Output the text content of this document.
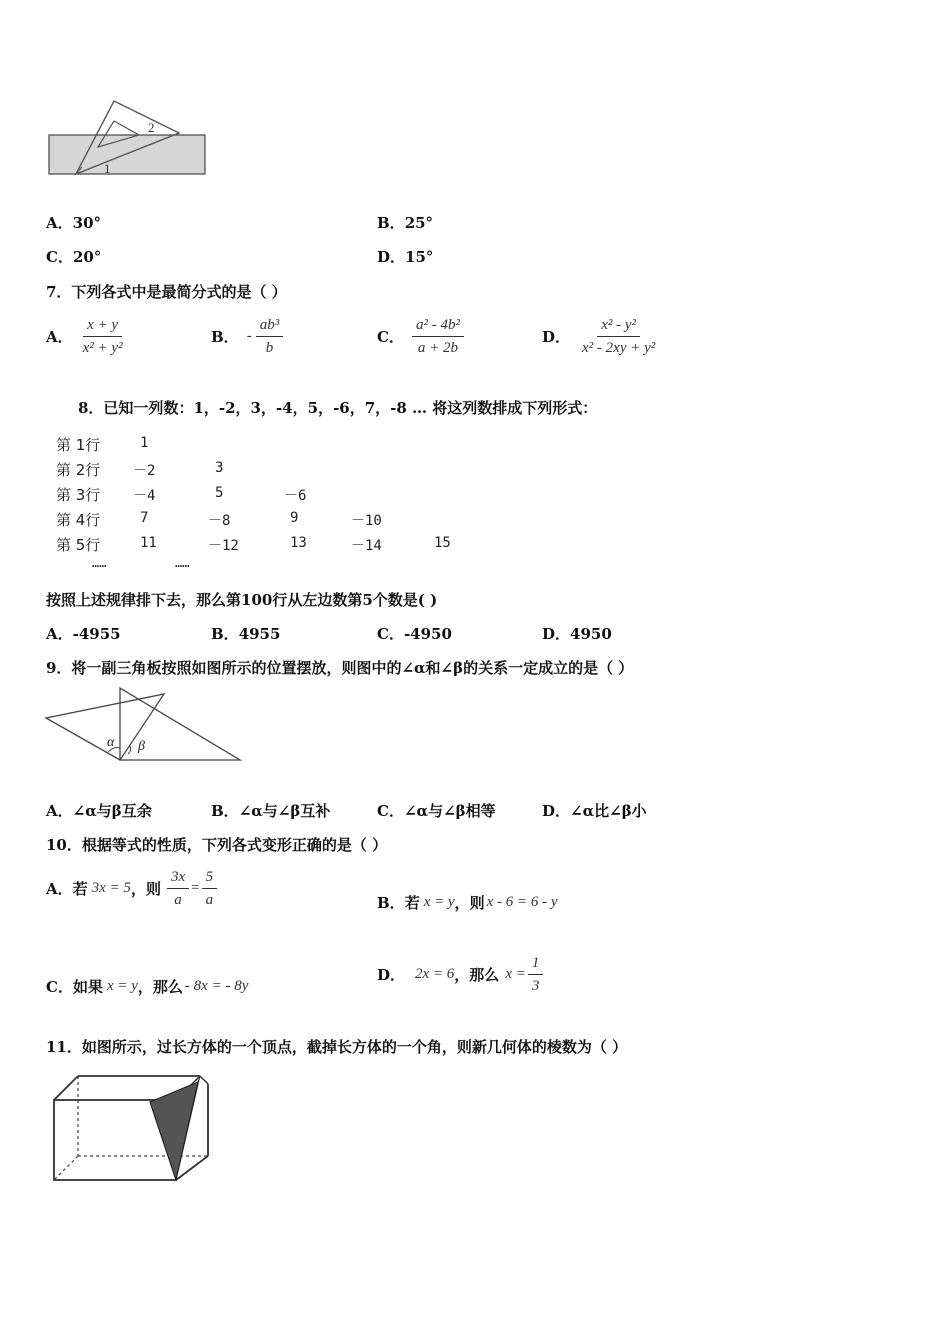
2
1
A．30°	B．25°
C．20°	D．15°
7．下列各式中是最简分式的是（ ）
A． $\frac{x + y}{\text{x² + y²}}$	B． - $\frac{\text{ab³}}{b}$	C． $\frac{\text{a² - 4b²}}{a + 2b}$	D． $\frac{\text{x² - y²}}{\text{x² - 2xy + y²}}$
8．已知一列数：1，-2，3，-4，5，-6，7，-8 … 将这列数排成下列形式：
第 1行	1
第 2行 －2	3
第 3行 －4	5	－6
第 4行	7	－8	9	－10
第 5行	11	－12	13	－14	15
……	……
按照上述规律排下去，那么第100行从左边数第5个数是( )
A．-4955	B．4955	C．-4950	D．4950
9．将一副三角板按照如图所示的位置摆放，则图中的∠α和∠β的关系一定成立的是（ ）
α β
A．∠α与β互余	B．∠α与∠β互补	C．∠α与∠β相等	D．∠α比∠β小
10．根据等式的性质，下列各式变形正确的是（ ）
A． 若 3x = 5 ，则 $\frac{3x}{a} = \frac{5}{a}$	B． 若 x = y ，则 x - 6 = 6 - y
C． 如果 x = y ，那么 - 8x = - 8y
D． 2x = 6 ，那么 $x = \frac{1}{3}$
11．如图所示，过长方体的一个顶点，截掉长方体的一个角，则新几何体的棱数为（ ）
